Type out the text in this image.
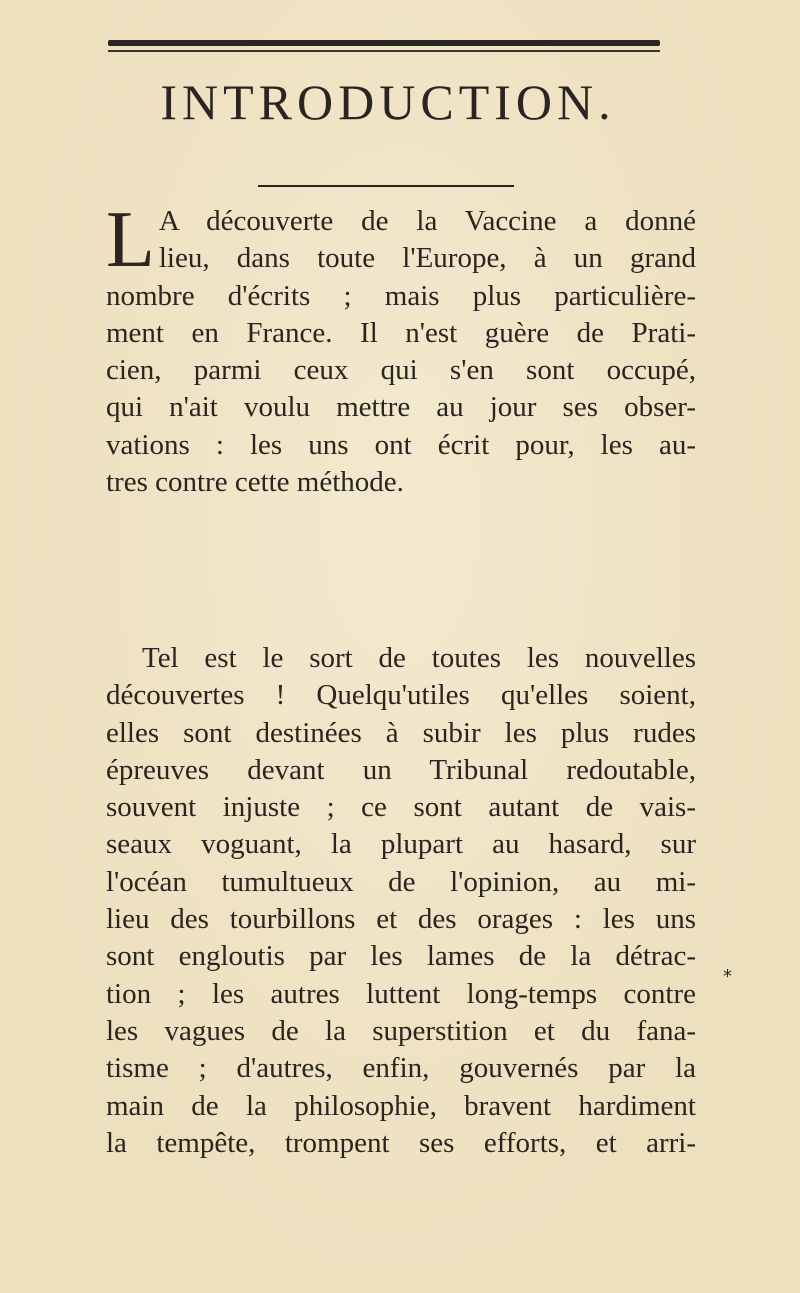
INTRODUCTION.
L A découverte de la Vaccine a donné
lieu, dans toute l'Europe, à un grand
nombre d'écrits ; mais plus particulière-
ment en France. Il n'est guère de Prati-
cien, parmi ceux qui s'en sont occupé,
qui n'ait voulu mettre au jour ses obser-
vations : les uns ont écrit pour, les au-
tres contre cette méthode.
Tel est le sort de toutes les nouvelles
découvertes ! Quelqu'utiles qu'elles soient,
elles sont destinées à subir les plus rudes
épreuves devant un Tribunal redoutable,
souvent injuste ; ce sont autant de vais-
seaux voguant, la plupart au hasard, sur
l'océan tumultueux de l'opinion, au mi-
lieu des tourbillons et des orages : les uns
sont engloutis par les lames de la détrac-
tion ; les autres luttent long-temps contre
les vagues de la superstition et du fana-
tisme ; d'autres, enfin, gouvernés par la
main de la philosophie, bravent hardiment
la tempête, trompent ses efforts, et arri-
*
